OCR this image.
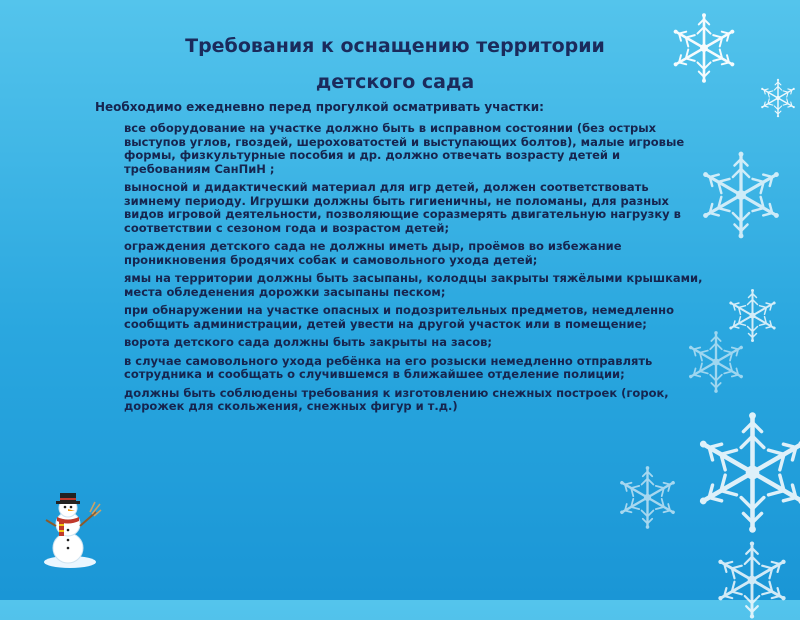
Требования к оснащению территории
детского сада
Необходимо ежедневно перед прогулкой осматривать участки:
все оборудование на участке должно быть в исправном состоянии (без острых выступов углов, гвоздей, шероховатостей и выступающих болтов), малые игровые формы, физкультурные пособия и др. должно отвечать возрасту детей и требованиям СанПиН ;
выносной и дидактический материал для игр детей, должен соответствовать зимнему периоду. Игрушки должны быть гигиеничны, не поломаны, для разных видов игровой деятельности, позволяющие соразмерять двигательную нагрузку в соответствии с сезоном года и возрастом детей;
ограждения детского сада не должны иметь дыр, проёмов во избежание проникновения бродячих собак и самовольного ухода детей;
ямы на территории должны быть засыпаны, колодцы закрыты тяжёлыми крышками, места обледенения дорожки засыпаны песком;
при обнаружении на участке опасных и подозрительных предметов, немедленно сообщить администрации, детей увести на другой участок или в помещение;
ворота детского сада должны быть закрыты на засов;
в случае самовольного ухода ребёнка на его розыски немедленно отправлять сотрудника и сообщать о случившемся в ближайшее отделение полиции;
должны быть соблюдены требования к изготовлению снежных построек (горок, дорожек для скольжения, снежных фигур и т.д.)
